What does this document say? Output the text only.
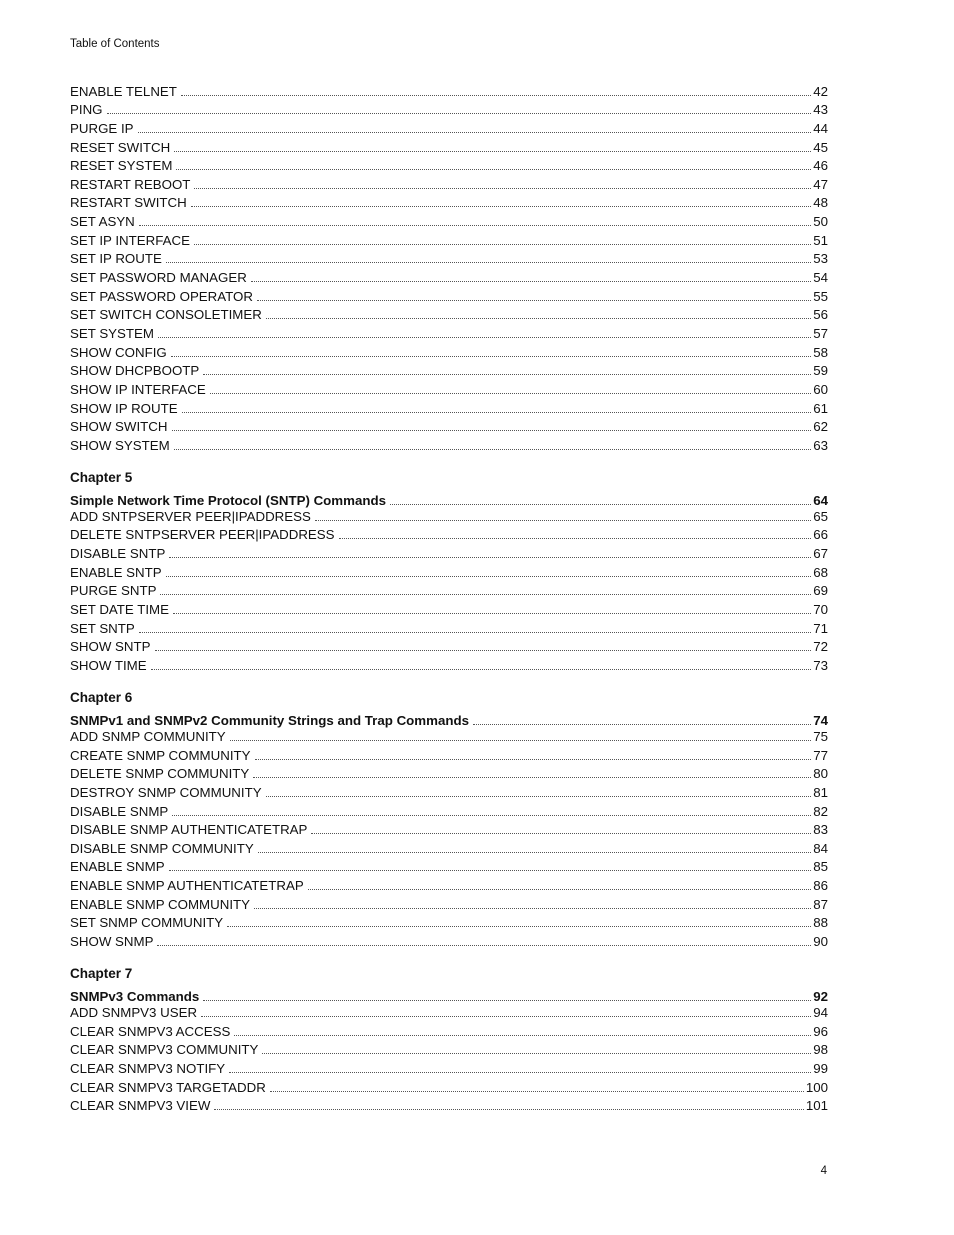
Table of Contents
ENABLE TELNET	42
PING	43
PURGE IP	44
RESET SWITCH	45
RESET SYSTEM	46
RESTART REBOOT	47
RESTART SWITCH	48
SET ASYN	50
SET IP INTERFACE	51
SET IP ROUTE	53
SET PASSWORD MANAGER	54
SET PASSWORD OPERATOR	55
SET SWITCH CONSOLETIMER	56
SET SYSTEM	57
SHOW CONFIG	58
SHOW DHCPBOOTP	59
SHOW IP INTERFACE	60
SHOW IP ROUTE	61
SHOW SWITCH	62
SHOW SYSTEM	63
Chapter 5
Simple Network Time Protocol (SNTP) Commands	64
ADD SNTPSERVER PEER|IPADDRESS	65
DELETE SNTPSERVER PEER|IPADDRESS	66
DISABLE SNTP	67
ENABLE SNTP	68
PURGE SNTP	69
SET DATE TIME	70
SET SNTP	71
SHOW SNTP	72
SHOW TIME	73
Chapter 6
SNMPv1 and SNMPv2 Community Strings and Trap Commands	74
ADD SNMP COMMUNITY	75
CREATE SNMP COMMUNITY	77
DELETE SNMP COMMUNITY	80
DESTROY SNMP COMMUNITY	81
DISABLE SNMP	82
DISABLE SNMP AUTHENTICATETRAP	83
DISABLE SNMP COMMUNITY	84
ENABLE SNMP	85
ENABLE SNMP AUTHENTICATETRAP	86
ENABLE SNMP COMMUNITY	87
SET SNMP COMMUNITY	88
SHOW SNMP	90
Chapter 7
SNMPv3 Commands	92
ADD SNMPV3 USER	94
CLEAR SNMPV3 ACCESS	96
CLEAR SNMPV3 COMMUNITY	98
CLEAR SNMPV3 NOTIFY	99
CLEAR SNMPV3 TARGETADDR	100
CLEAR SNMPV3 VIEW	101
4
